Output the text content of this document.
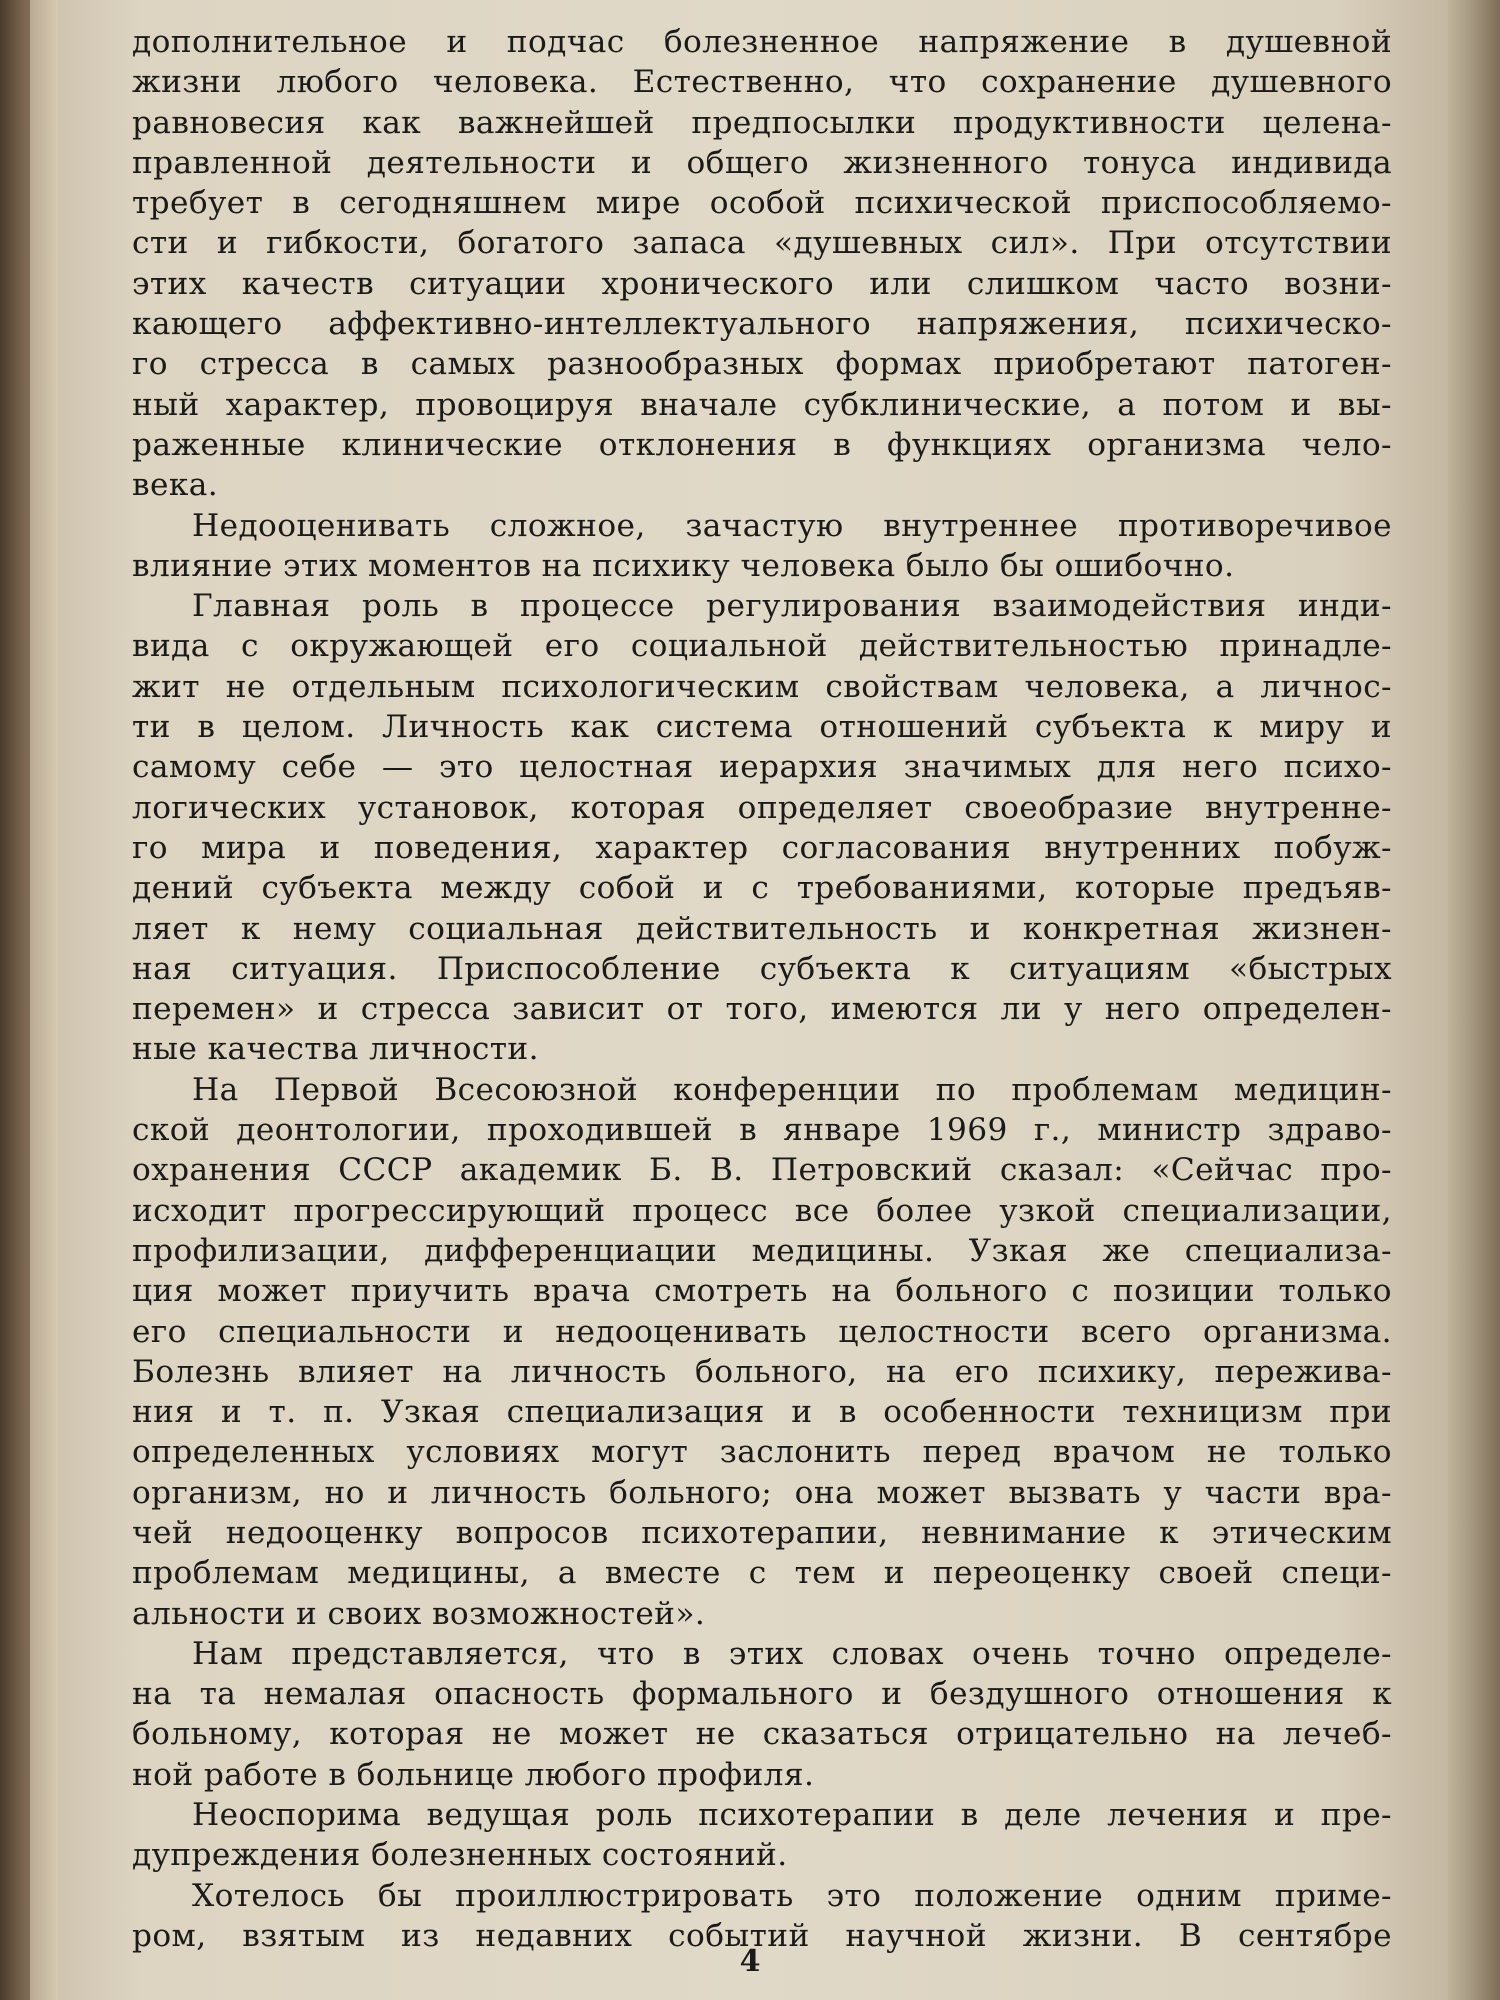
дополнительное и подчас болезненное напряжение в душевной

жизни любого человека. Естественно, что сохранение душевного

равновесия как важнейшей предпосылки продуктивности целена-

правленной деятельности и общего жизненного тонуса индивида

требует в сегодняшнем мире особой психической приспособляемо-

сти и гибкости, богатого запаса «душевных сил». При отсутствии

этих качеств ситуации хронического или слишком часто возни-

кающего аффективно-интеллектуального напряжения, психическо-

го стресса в самых разнообразных формах приобретают патоген-

ный характер, провоцируя вначале субклинические, а потом и вы-

раженные клинические отклонения в функциях организма чело-

века.

Недооценивать сложное, зачастую внутреннее противоречивое

влияние этих моментов на психику человека было бы ошибочно.

Главная роль в процессе регулирования взаимодействия инди-

вида с окружающей его социальной действительностью принадле-

жит не отдельным психологическим свойствам человека, а личнос-

ти в целом. Личность как система отношений субъекта к миру и

самому себе — это целостная иерархия значимых для него психо-

логических установок, которая определяет своеобразие внутренне-

го мира и поведения, характер согласования внутренних побуж-

дений субъекта между собой и с требованиями, которые предъяв-

ляет к нему социальная действительность и конкретная жизнен-

ная ситуация. Приспособление субъекта к ситуациям «быстрых

перемен» и стресса зависит от того, имеются ли у него определен-

ные качества личности.

На Первой Всесоюзной конференции по проблемам медицин-

ской деонтологии, проходившей в январе 1969 г., министр здраво-

охранения СССР академик Б. В. Петровский сказал: «Сейчас про-

исходит прогрессирующий процесс все более узкой специализации,

профилизации, дифференциации медицины. Узкая же специализа-

ция может приучить врача смотреть на больного с позиции только

его специальности и недооценивать целостности всего организма.

Болезнь влияет на личность больного, на его психику, пережива-

ния и т. п. Узкая специализация и в особенности техницизм при

определенных условиях могут заслонить перед врачом не только

организм, но и личность больного; она может вызвать у части вра-

чей недооценку вопросов психотерапии, невнимание к этическим

проблемам медицины, а вместе с тем и переоценку своей специ-

альности и своих возможностей».

Нам представляется, что в этих словах очень точно определе-

на та немалая опасность формального и бездушного отношения к

больному, которая не может не сказаться отрицательно на лечеб-

ной работе в больнице любого профиля.

Неоспорима ведущая роль психотерапии в деле лечения и пре-

дупреждения болезненных состояний.

Хотелось бы проиллюстрировать это положение одним приме-

ром, взятым из недавних событий научной жизни. В сентябре

4
